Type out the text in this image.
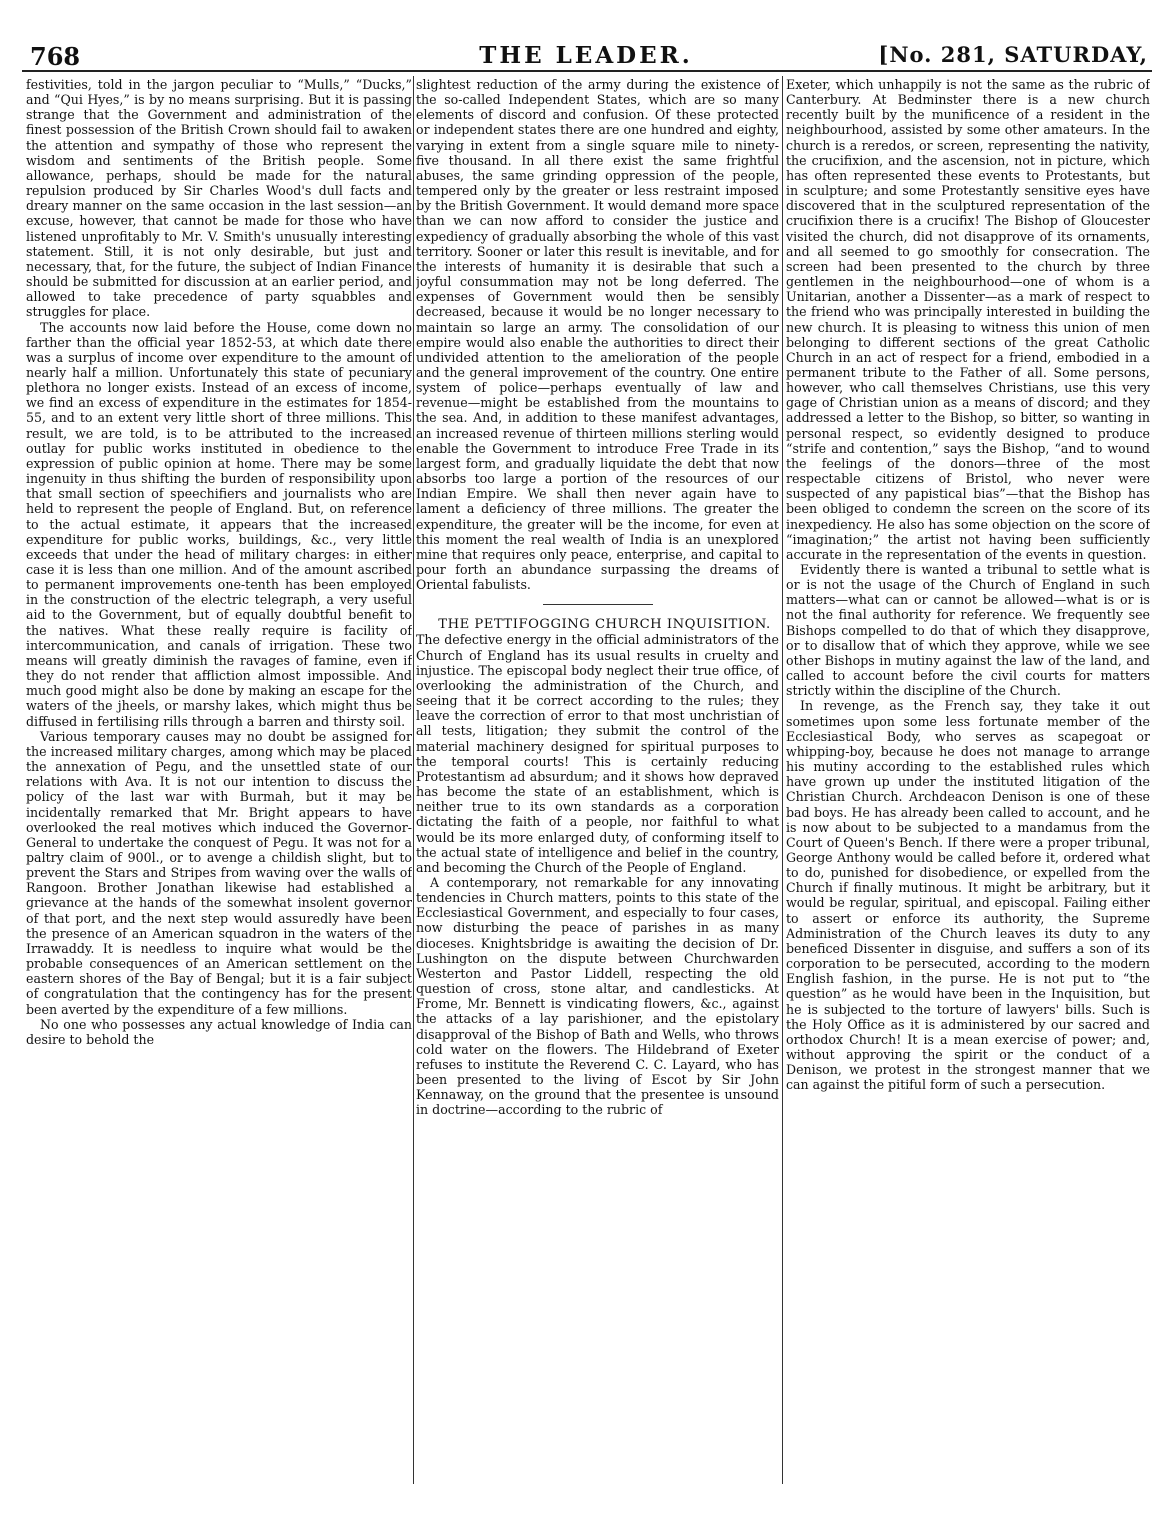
768	THE LEADER.	[No. 281, SATURDAY,

festivities, told in the jargon peculiar to “Mulls,” “Ducks,” and “Qui Hyes,” is by no means surprising. But it is passing strange that the Government and administration of the finest possession of the British Crown should fail to awaken the attention and sympathy of those who represent the wisdom and sentiments of the British people. Some allowance, perhaps, should be made for the natural repulsion produced by Sir Charles Wood's dull facts and dreary manner on the same occasion in the last session—an excuse, however, that cannot be made for those who have listened unprofitably to Mr. V. Smith's unusually interesting statement. Still, it is not only desirable, but just and necessary, that, for the future, the subject of Indian Finance should be submitted for discussion at an earlier period, and allowed to take precedence of party squabbles and struggles for place.

The accounts now laid before the House, come down no farther than the official year 1852-53, at which date there was a surplus of income over expenditure to the amount of nearly half a million. Unfortunately this state of pecuniary plethora no longer exists. Instead of an excess of income, we find an excess of expenditure in the estimates for 1854-55, and to an extent very little short of three millions. This result, we are told, is to be attributed to the increased outlay for public works instituted in obedience to the expression of public opinion at home. There may be some ingenuity in thus shifting the burden of responsibility upon that small section of speechifiers and journalists who are held to represent the people of England. But, on reference to the actual estimate, it appears that the increased expenditure for public works, buildings, &c., very little exceeds that under the head of military charges: in either case it is less than one million. And of the amount ascribed to permanent improvements one-tenth has been employed in the construction of the electric telegraph, a very useful aid to the Government, but of equally doubtful benefit to the natives. What these really require is facility of intercommunication, and canals of irrigation. These two means will greatly diminish the ravages of famine, even if they do not render that affliction almost impossible. And much good might also be done by making an escape for the waters of the jheels, or marshy lakes, which might thus be diffused in fertilising rills through a barren and thirsty soil.

Various temporary causes may no doubt be assigned for the increased military charges, among which may be placed the annexation of Pegu, and the unsettled state of our relations with Ava. It is not our intention to discuss the policy of the last war with Burmah, but it may be incidentally remarked that Mr. Bright appears to have overlooked the real motives which induced the Governor-General to undertake the conquest of Pegu. It was not for a paltry claim of 900l., or to avenge a childish slight, but to prevent the Stars and Stripes from waving over the walls of Rangoon. Brother Jonathan likewise had established a grievance at the hands of the somewhat insolent governor of that port, and the next step would assuredly have been the presence of an American squadron in the waters of the Irrawaddy. It is needless to inquire what would be the probable consequences of an American settlement on the eastern shores of the Bay of Bengal; but it is a fair subject of congratulation that the contingency has for the present been averted by the expenditure of a few millions.

No one who possesses any actual knowledge of India can desire to behold the

slightest reduction of the army during the existence of the so-called Independent States, which are so many elements of discord and confusion. Of these protected or independent states there are one hundred and eighty, varying in extent from a single square mile to ninety-five thousand. In all there exist the same frightful abuses, the same grinding oppression of the people, tempered only by the greater or less restraint imposed by the British Government. It would demand more space than we can now afford to consider the justice and expediency of gradually absorbing the whole of this vast territory. Sooner or later this result is inevitable, and for the interests of humanity it is desirable that such a joyful consummation may not be long deferred. The expenses of Government would then be sensibly decreased, because it would be no longer necessary to maintain so large an army. The consolidation of our empire would also enable the authorities to direct their undivided attention to the amelioration of the people and the general improvement of the country. One entire system of police—perhaps eventually of law and revenue—might be established from the mountains to the sea. And, in addition to these manifest advantages, an increased revenue of thirteen millions sterling would enable the Government to introduce Free Trade in its largest form, and gradually liquidate the debt that now absorbs too large a portion of the resources of our Indian Empire. We shall then never again have to lament a deficiency of three millions. The greater the expenditure, the greater will be the income, for even at this moment the real wealth of India is an unexplored mine that requires only peace, enterprise, and capital to pour forth an abundance surpassing the dreams of Oriental fabulists.

THE PETTIFOGGING CHURCH INQUISITION.

The defective energy in the official administrators of the Church of England has its usual results in cruelty and injustice. The episcopal body neglect their true office, of overlooking the administration of the Church, and seeing that it be correct according to the rules; they leave the correction of error to that most unchristian of all tests, litigation; they submit the control of the material machinery designed for spiritual purposes to the temporal courts! This is certainly reducing Protestantism ad absurdum; and it shows how depraved has become the state of an establishment, which is neither true to its own standards as a corporation dictating the faith of a people, nor faithful to what would be its more enlarged duty, of conforming itself to the actual state of intelligence and belief in the country, and becoming the Church of the People of England.

A contemporary, not remarkable for any innovating tendencies in Church matters, points to this state of the Ecclesiastical Government, and especially to four cases, now disturbing the peace of parishes in as many dioceses. Knightsbridge is awaiting the decision of Dr. Lushington on the dispute between Churchwarden Westerton and Pastor Liddell, respecting the old question of cross, stone altar, and candlesticks. At Frome, Mr. Bennett is vindicating flowers, &c., against the attacks of a lay parishioner, and the epistolary disapproval of the Bishop of Bath and Wells, who throws cold water on the flowers. The Hildebrand of Exeter refuses to institute the Reverend C. C. Layard, who has been presented to the living of Escot by Sir John Kennaway, on the ground that the presentee is unsound in doctrine—according to the rubric of

Exeter, which unhappily is not the same as the rubric of Canterbury. At Bedminster there is a new church recently built by the munificence of a resident in the neighbourhood, assisted by some other amateurs. In the church is a reredos, or screen, representing the nativity, the crucifixion, and the ascension, not in picture, which has often represented these events to Protestants, but in sculpture; and some Protestantly sensitive eyes have discovered that in the sculptured representation of the crucifixion there is a crucifix! The Bishop of Gloucester visited the church, did not disapprove of its ornaments, and all seemed to go smoothly for consecration. The screen had been presented to the church by three gentlemen in the neighbourhood—one of whom is a Unitarian, another a Dissenter—as a mark of respect to the friend who was principally interested in building the new church. It is pleasing to witness this union of men belonging to different sections of the great Catholic Church in an act of respect for a friend, embodied in a permanent tribute to the Father of all. Some persons, however, who call themselves Christians, use this very gage of Christian union as a means of discord; and they addressed a letter to the Bishop, so bitter, so wanting in personal respect, so evidently designed to produce “strife and contention,” says the Bishop, “and to wound the feelings of the donors—three of the most respectable citizens of Bristol, who never were suspected of any papistical bias”—that the Bishop has been obliged to condemn the screen on the score of its inexpediency. He also has some objection on the score of “imagination;” the artist not having been sufficiently accurate in the representation of the events in question.

Evidently there is wanted a tribunal to settle what is or is not the usage of the Church of England in such matters—what can or cannot be allowed—what is or is not the final authority for reference. We frequently see Bishops compelled to do that of which they disapprove, or to disallow that of which they approve, while we see other Bishops in mutiny against the law of the land, and called to account before the civil courts for matters strictly within the discipline of the Church.

In revenge, as the French say, they take it out sometimes upon some less fortunate member of the Ecclesiastical Body, who serves as scapegoat or whipping-boy, because he does not manage to arrange his mutiny according to the established rules which have grown up under the instituted litigation of the Christian Church. Archdeacon Denison is one of these bad boys. He has already been called to account, and he is now about to be subjected to a mandamus from the Court of Queen's Bench. If there were a proper tribunal, George Anthony would be called before it, ordered what to do, punished for disobedience, or expelled from the Church if finally mutinous. It might be arbitrary, but it would be regular, spiritual, and episcopal. Failing either to assert or enforce its authority, the Supreme Administration of the Church leaves its duty to any beneficed Dissenter in disguise, and suffers a son of its corporation to be persecuted, according to the modern English fashion, in the purse. He is not put to “the question” as he would have been in the Inquisition, but he is subjected to the torture of lawyers' bills. Such is the Holy Office as it is administered by our sacred and orthodox Church! It is a mean exercise of power; and, without approving the spirit or the conduct of a Denison, we protest in the strongest manner that we can against the pitiful form of such a persecution.
